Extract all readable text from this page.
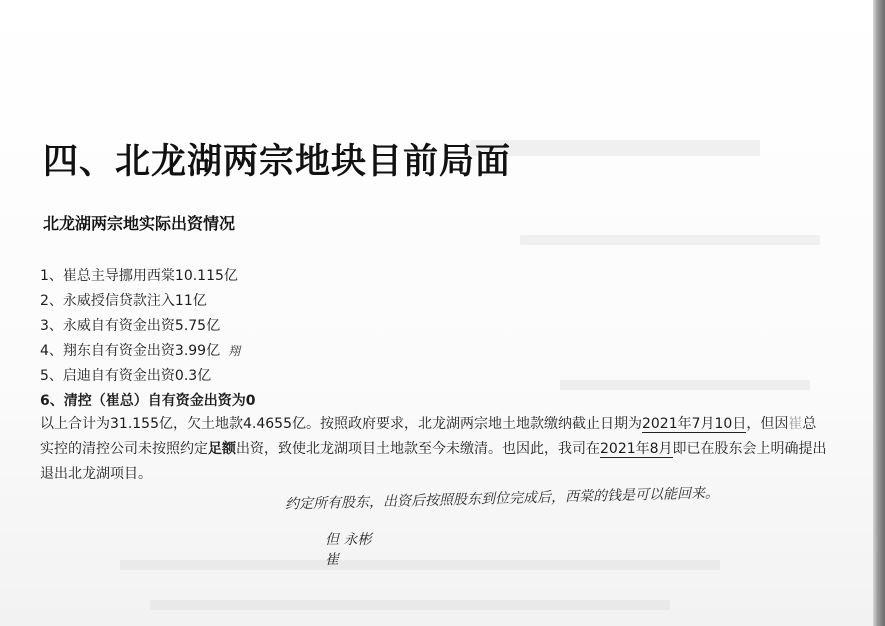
四、北龙湖两宗地块目前局面
北龙湖两宗地实际出资情况
1、崔总主导挪用西棠10.115亿
2、永威授信贷款注入11亿
3、永威自有资金出资5.75亿
4、翔东自有资金出资3.99亿 翔
5、启迪自有资金出资0.3亿
6、清控（崔总）自有资金出资为0

以上合计为31.155亿，欠土地款4.4655亿。按照政府要求，北龙湖两宗地土地款缴纳截止日期为2021年7月10日，但因崔总实控的清控公司未按照约定足额出资，致使北龙湖项目土地款至今未缴清。也因此，我司在2021年8月即已在股东会上明确提出退出北龙湖项目。

约定所有股东，出资后按照股东到位完成后，西棠的钱是可以能回来。

但 永彬
崔
